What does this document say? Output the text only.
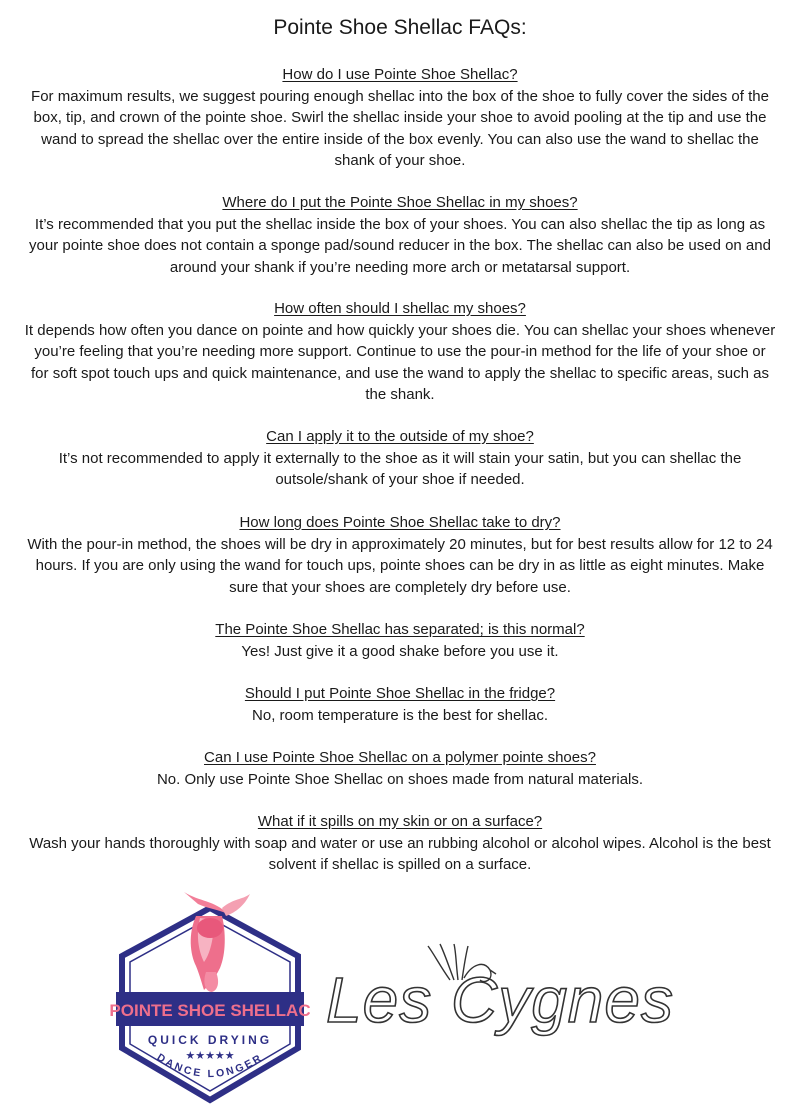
Pointe Shoe Shellac FAQs:
How do I use Pointe Shoe Shellac?

For maximum results, we suggest pouring enough shellac into the box of the shoe to fully cover the sides of the box, tip, and crown of the pointe shoe. Swirl the shellac inside your shoe to avoid pooling at the tip and use the wand to spread the shellac over the entire inside of the box evenly. You can also use the wand to shellac the shank of your shoe.

Where do I put the Pointe Shoe Shellac in my shoes?

It’s recommended that you put the shellac inside the box of your shoes. You can also shellac the tip as long as your pointe shoe does not contain a sponge pad/sound reducer in the box. The shellac can also be used on and around your shank if you’re needing more arch or metatarsal support.

How often should I shellac my shoes?

It depends how often you dance on pointe and how quickly your shoes die. You can shellac your shoes whenever you’re feeling that you’re needing more support. Continue to use the pour-in method for the life of your shoe or for soft spot touch ups and quick maintenance, and use the wand to apply the shellac to specific areas, such as the shank.

Can I apply it to the outside of my shoe?

It’s not recommended to apply it externally to the shoe as it will stain your satin, but you can shellac the outsole/shank of your shoe if needed.

How long does Pointe Shoe Shellac take to dry?

With the pour-in method, the shoes will be dry in approximately 20 minutes, but for best results allow for 12 to 24 hours. If you are only using the wand for touch ups, pointe shoes can be dry in as little as eight minutes. Make sure that your shoes are completely dry before use.

The Pointe Shoe Shellac has separated; is this normal?

Yes! Just give it a good shake before you use it.

Should I put Pointe Shoe Shellac in the fridge?

No, room temperature is the best for shellac.

Can I use Pointe Shoe Shellac on a polymer pointe shoes?

No. Only use Pointe Shoe Shellac on shoes made from natural materials.

What if it spills on my skin or on a surface?

Wash your hands thoroughly with soap and water or use an rubbing alcohol or alcohol wipes. Alcohol is the best solvent if shellac is spilled on a surface.

POINTE SHOE SHELLAC
QUICK DRYING
★★★★★
DANCE LONGER
Les Cygnes
